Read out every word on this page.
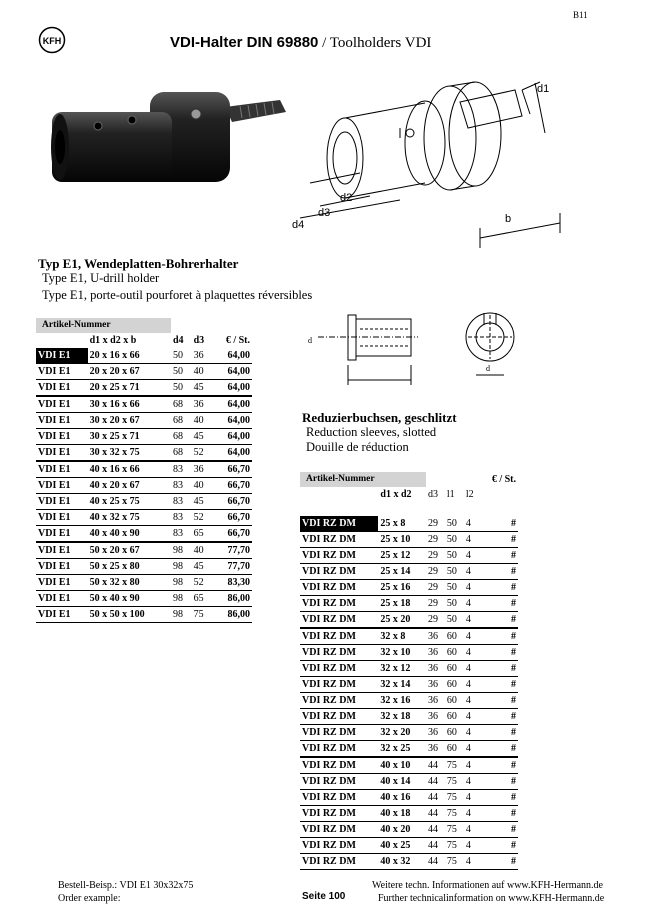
B11
KFH	VDI-Halter DIN 69880 / Toolholders VDI
d1
d2
d3
d4	b
Typ E1, Wendeplatten-Bohrerhalter
Type E1, U-drill holder
Type E1, porte-outil pourforet à plaquettes réversibles
Artikel-Nummer				
	d1 x d2 x b	d4	d3	€ / St.
VDI E1	20 x 16 x 66	50	36	64,00
VDI E1	20 x 20 x 67	50	40	64,00
VDI E1	20 x 25 x 71	50	45	64,00
VDI E1	30 x 16 x 66	68	36	64,00
VDI E1	30 x 20 x 67	68	40	64,00
VDI E1	30 x 25 x 71	68	45	64,00
VDI E1	30 x 32 x 75	68	52	64,00
VDI E1	40 x 16 x 66	83	36	66,70
VDI E1	40 x 20 x 67	83	40	66,70
VDI E1	40 x 25 x 75	83	45	66,70
VDI E1	40 x 32 x 75	83	52	66,70
VDI E1	40 x 40 x 90	83	65	66,70
VDI E1	50 x 20 x 67	98	40	77,70
VDI E1	50 x 25 x 80	98	45	77,70
VDI E1	50 x 32 x 80	98	52	83,30
VDI E1	50 x 40 x 90	98	65	86,00
VDI E1	50 x 50 x 100	98	75	86,00
d
d
Reduzierbuchsen, geschlitzt
Reduction sleeves, slotted
Douille de réduction
Artikel-Nummer					€ / St.
	d1 x d2	d3	l1	l2	

VDI RZ DM	25 x 8	29	50	4	#
VDI RZ DM	25 x 10	29	50	4	#
VDI RZ DM	25 x 12	29	50	4	#
VDI RZ DM	25 x 14	29	50	4	#
VDI RZ DM	25 x 16	29	50	4	#
VDI RZ DM	25 x 18	29	50	4	#
VDI RZ DM	25 x 20	29	50	4	#
VDI RZ DM	32 x 8	36	60	4	#
VDI RZ DM	32 x 10	36	60	4	#
VDI RZ DM	32 x 12	36	60	4	#
VDI RZ DM	32 x 14	36	60	4	#
VDI RZ DM	32 x 16	36	60	4	#
VDI RZ DM	32 x 18	36	60	4	#
VDI RZ DM	32 x 20	36	60	4	#
VDI RZ DM	32 x 25	36	60	4	#
VDI RZ DM	40 x 10	44	75	4	#
VDI RZ DM	40 x 14	44	75	4	#
VDI RZ DM	40 x 16	44	75	4	#
VDI RZ DM	40 x 18	44	75	4	#
VDI RZ DM	40 x 20	44	75	4	#
VDI RZ DM	40 x 25	44	75	4	#
VDI RZ DM	40 x 32	44	75	4	#
Bestell-Beisp.: VDI E1 30x32x75
Order example:	Seite 100
Weitere techn. Informationen auf www.KFH-Hermann.de
Further technicalinformation on www.KFH-Hermann.de
